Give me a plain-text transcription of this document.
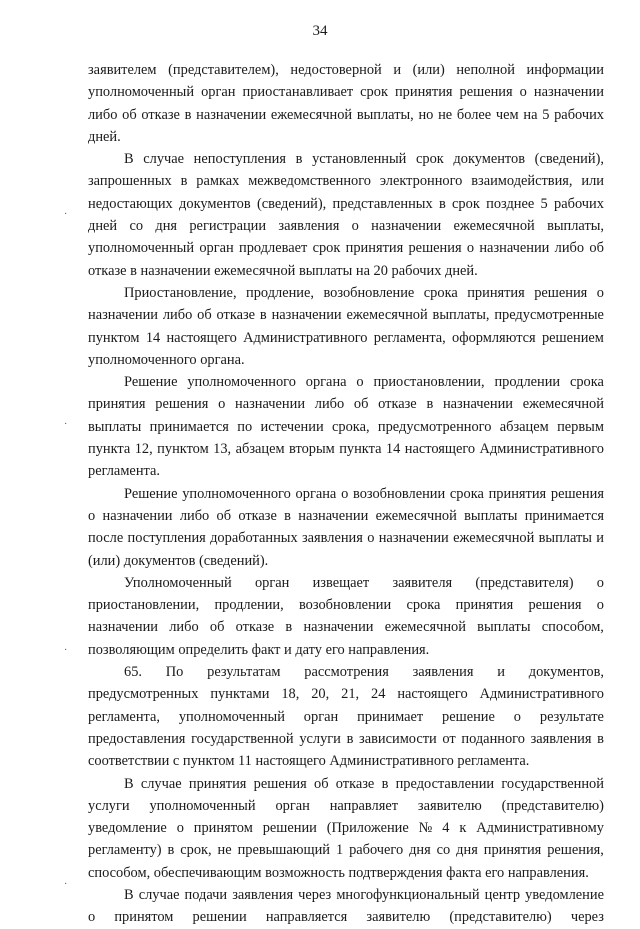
34
заявителем (представителем), недостоверной и (или) неполной информации
уполномоченный орган приостанавливает срок принятия решения о назначении
либо об отказе в назначении ежемесячной выплаты, но не более чем на 5 рабочих
дней.
В случае непоступления в установленный срок документов (сведений),
запрошенных в рамках межведомственного электронного взаимодействия, или
недостающих документов (сведений), представленных в срок позднее 5 рабочих
дней со дня регистрации заявления о назначении ежемесячной выплаты,
уполномоченный орган продлевает срок принятия решения о назначении либо об
отказе в назначении ежемесячной выплаты на 20 рабочих дней.
Приостановление, продление, возобновление срока принятия решения о
назначении либо об отказе в назначении ежемесячной выплаты, предусмотренные
пунктом 14 настоящего Административного регламента, оформляются решением
уполномоченного органа.
Решение уполномоченного органа о приостановлении, продлении срока
принятия решения о назначении либо об отказе в назначении ежемесячной
выплаты принимается по истечении срока, предусмотренного абзацем первым
пункта 12, пунктом 13, абзацем вторым пункта 14 настоящего Административного
регламента.
Решение уполномоченного органа о возобновлении срока принятия решения
о назначении либо об отказе в назначении ежемесячной выплаты принимается
после поступления доработанных заявления о назначении ежемесячной выплаты и
(или) документов (сведений).
Уполномоченный орган извещает заявителя (представителя) о
приостановлении, продлении, возобновлении срока принятия решения о
назначении либо об отказе в назначении ежемесячной выплаты способом,
позволяющим определить факт и дату его направления.
65. По результатам рассмотрения заявления и документов,
предусмотренных пунктами 18, 20, 21, 24 настоящего Административного
регламента, уполномоченный орган принимает решение о результате
предоставления государственной услуги в зависимости от поданного заявления в
соответствии с пунктом 11 настоящего Административного регламента.
В случае принятия решения об отказе в предоставлении государственной
услуги уполномоченный орган направляет заявителю (представителю)
уведомление о принятом решении (Приложение № 4 к Административному
регламенту) в срок, не превышающий 1 рабочего дня со дня принятия решения,
способом, обеспечивающим возможность подтверждения факта его направления.
В случае подачи заявления через многофункциональный центр уведомление
о принятом решении направляется заявителю (представителю) через
·
·
·
·
